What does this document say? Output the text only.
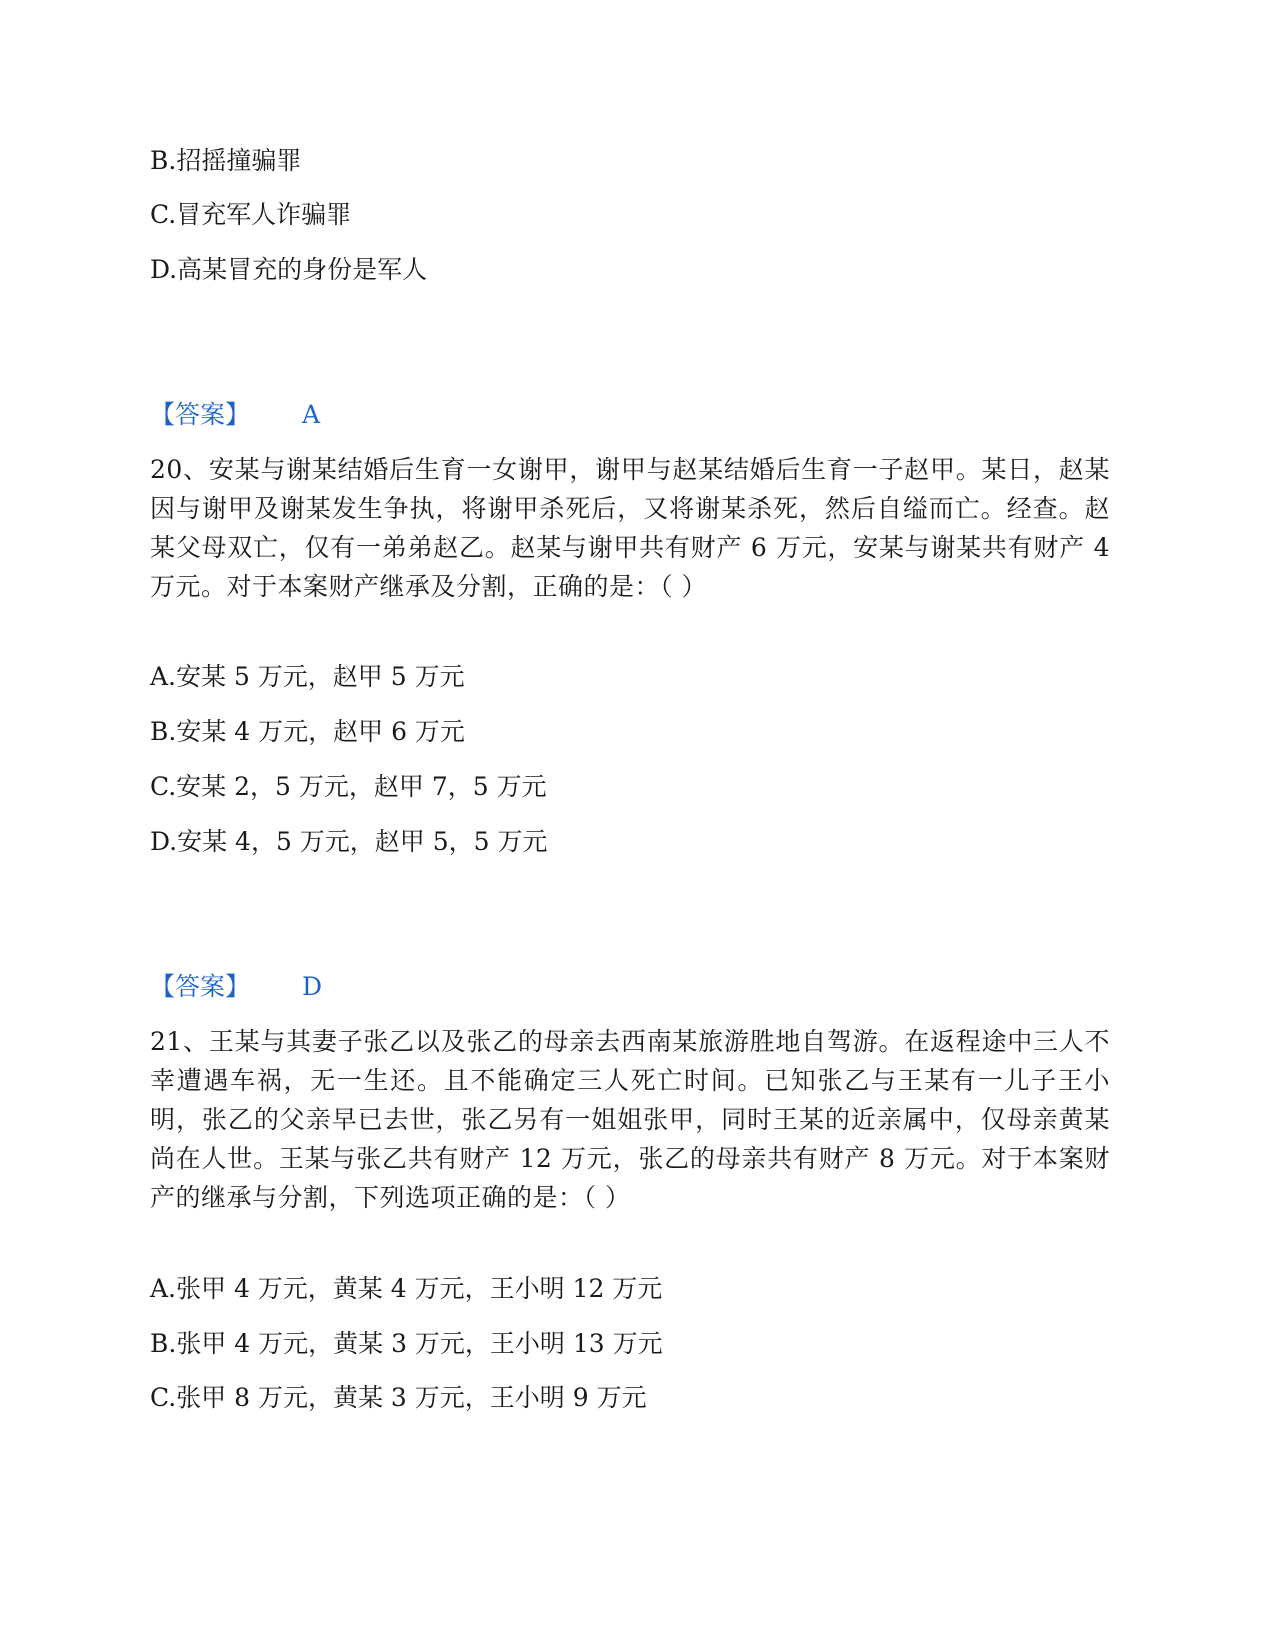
B.招摇撞骗罪
C.冒充军人诈骗罪
D.高某冒充的身份是军人
【答案】 A
20、安某与谢某结婚后生育一女谢甲，谢甲与赵某结婚后生育一子赵甲。某日，赵某因与谢甲及谢某发生争执，将谢甲杀死后，又将谢某杀死，然后自缢而亡。经查。赵某父母双亡，仅有一弟弟赵乙。赵某与谢甲共有财产 6 万元，安某与谢某共有财产 4 万元。对于本案财产继承及分割，正确的是：（ ）
A.安某 5 万元，赵甲 5 万元
B.安某 4 万元，赵甲 6 万元
C.安某 2，5 万元，赵甲 7，5 万元
D.安某 4，5 万元，赵甲 5，5 万元
【答案】 D
21、王某与其妻子张乙以及张乙的母亲去西南某旅游胜地自驾游。在返程途中三人不幸遭遇车祸，无一生还。且不能确定三人死亡时间。已知张乙与王某有一儿子王小明，张乙的父亲早已去世，张乙另有一姐姐张甲，同时王某的近亲属中，仅母亲黄某尚在人世。王某与张乙共有财产 12 万元，张乙的母亲共有财产 8 万元。对于本案财产的继承与分割，下列选项正确的是：（ ）
A.张甲 4 万元，黄某 4 万元，王小明 12 万元
B.张甲 4 万元，黄某 3 万元，王小明 13 万元
C.张甲 8 万元，黄某 3 万元，王小明 9 万元
